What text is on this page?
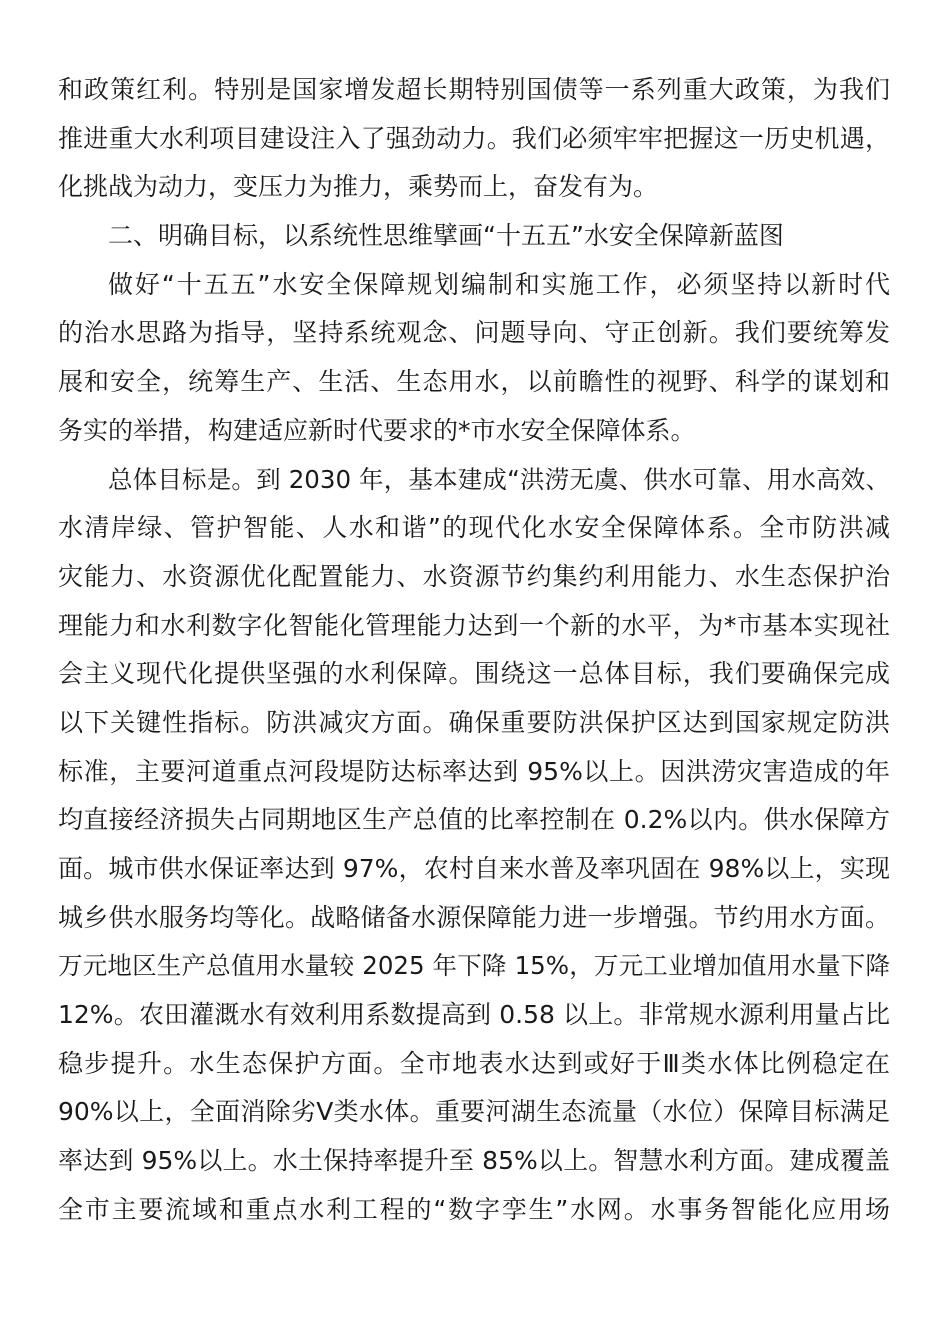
和政策红利。特别是国家增发超长期特别国债等一系列重大政策，为我们
推进重大水利项目建设注入了强劲动力。我们必须牢牢把握这一历史机遇，
化挑战为动力，变压力为推力，乘势而上，奋发有为。
二、明确目标，以系统性思维擘画“十五五”水安全保障新蓝图
做好“十五五”水安全保障规划编制和实施工作，必须坚持以新时代
的治水思路为指导，坚持系统观念、问题导向、守正创新。我们要统筹发
展和安全，统筹生产、生活、生态用水，以前瞻性的视野、科学的谋划和
务实的举措，构建适应新时代要求的*市水安全保障体系。
总体目标是。到 2030 年，基本建成“洪涝无虞、供水可靠、用水高效、
水清岸绿、管护智能、人水和谐”的现代化水安全保障体系。全市防洪减
灾能力、水资源优化配置能力、水资源节约集约利用能力、水生态保护治
理能力和水利数字化智能化管理能力达到一个新的水平，为*市基本实现社
会主义现代化提供坚强的水利保障。围绕这一总体目标，我们要确保完成
以下关键性指标。防洪减灾方面。确保重要防洪保护区达到国家规定防洪
标准，主要河道重点河段堤防达标率达到 95%以上。因洪涝灾害造成的年
均直接经济损失占同期地区生产总值的比率控制在 0.2%以内。供水保障方
面。城市供水保证率达到 97%，农村自来水普及率巩固在 98%以上，实现
城乡供水服务均等化。战略储备水源保障能力进一步增强。节约用水方面。
万元地区生产总值用水量较 2025 年下降 15%，万元工业增加值用水量下降
12%。农田灌溉水有效利用系数提高到 0.58 以上。非常规水源利用量占比
稳步提升。水生态保护方面。全市地表水达到或好于Ⅲ类水体比例稳定在
90%以上，全面消除劣Ⅴ类水体。重要河湖生态流量（水位）保障目标满足
率达到 95%以上。水土保持率提升至 85%以上。智慧水利方面。建成覆盖
全市主要流域和重点水利工程的“数字孪生”水网。水事务智能化应用场
